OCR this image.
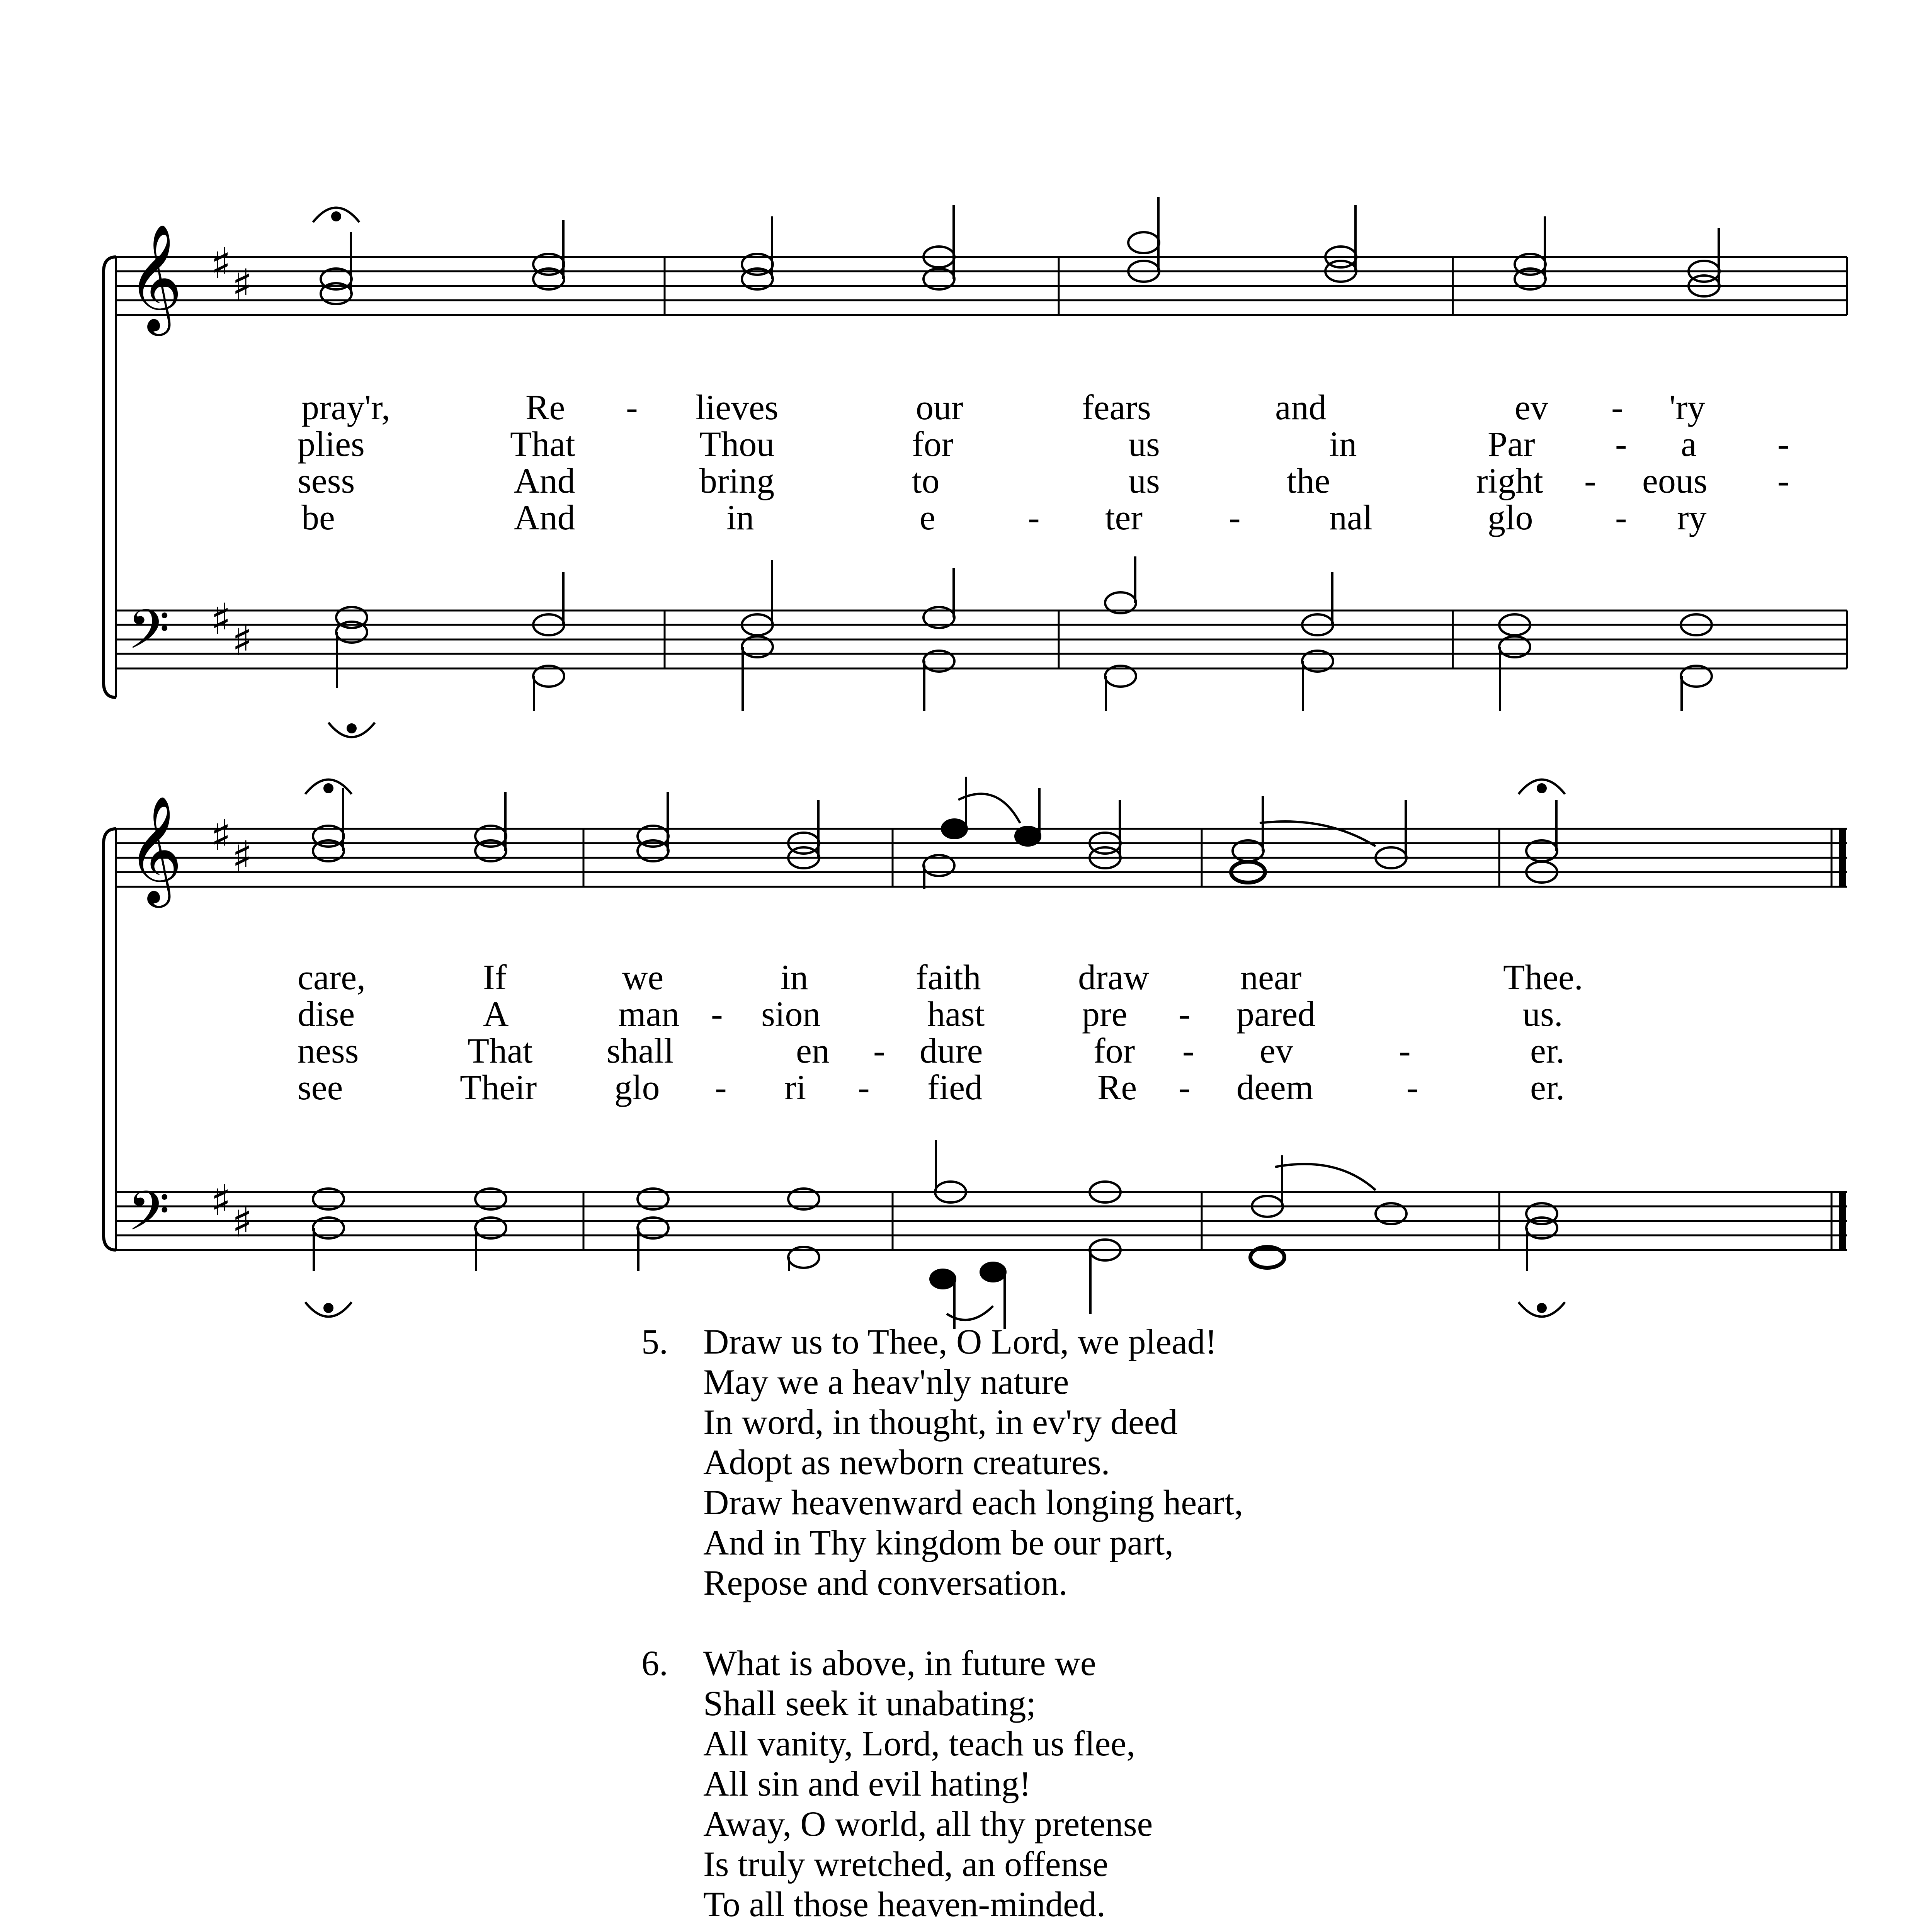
𝄞 ♯ ♯
pray'r,	Re - lieves	our	fears	and	ev - 'ry
plies	That	Thou	for	us	in	Par - a -
sess	And	bring	to	us	the	right - eous -
be	And	in	e	- ter - nal	glo - ry
𝄢 ♯ ♯
𝄞 ♯ ♯
care,	If	we	in	faith	draw	near	Thee.
dise	A	man - sion	hast	pre - pared	us.
ness	That shall	en - dure	for - ev	-	er.
see	Their glo - ri - fied	Re - deem	-	er.
𝄢 ♯ ♯
5. Draw us to Thee, O Lord, we plead!
May we a heav'nly nature
In word, in thought, in ev'ry deed
Adopt as newborn creatures.
Draw heavenward each longing heart,
And in Thy kingdom be our part,
Repose and conversation.
6. What is above, in future we
Shall seek it unabating;
All vanity, Lord, teach us flee,
All sin and evil hating!
Away, O world, all thy pretense
Is truly wretched, an offense
To all those heaven-minded.
